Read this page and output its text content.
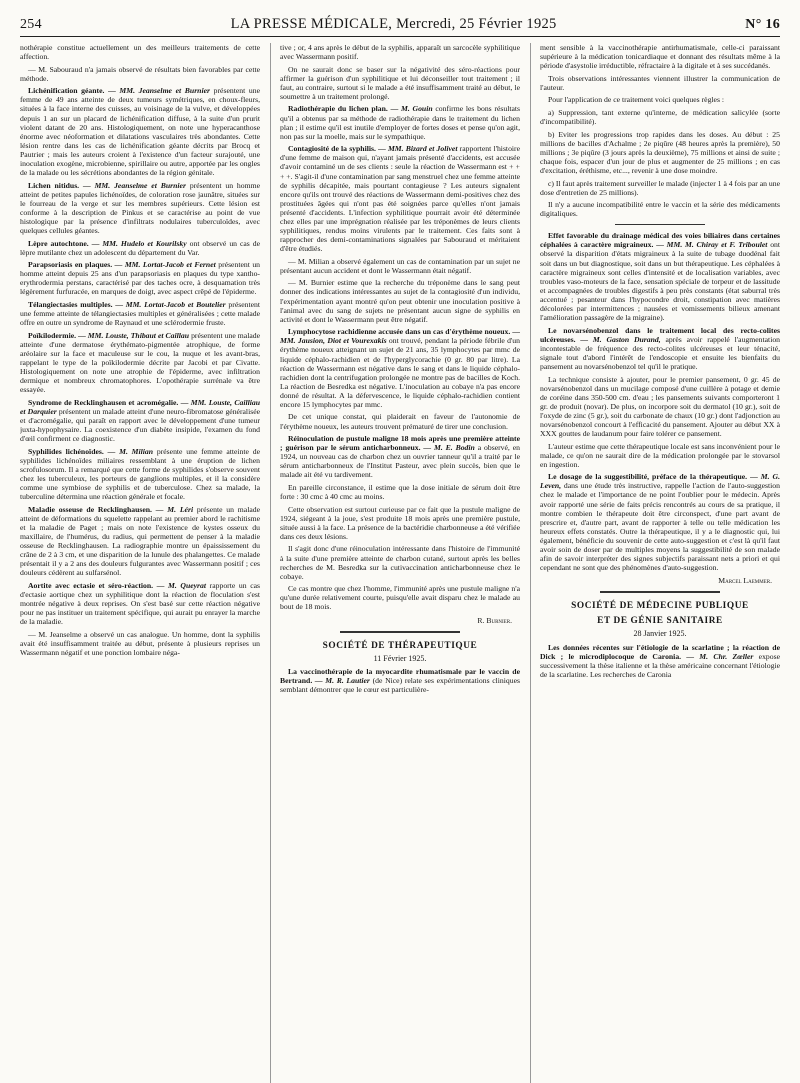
254	LA PRESSE MÉDICALE, Mercredi, 25 Février 1925	N° 16

nothérapie constitue actuellement un des meilleurs traitements de cette affection.

— M. Sabouraud n'a jamais observé de résultats bien favorables par cette méthode.

Lichénification géante. — MM. Jeanselme et Burnier présentent une femme de 49 ans atteinte de deux tumeurs symétriques, en choux-fleurs, situées à la face interne des cuisses, au voisinage de la vulve, et développées depuis 1 an sur un placard de lichénification diffuse, à la suite d'un prurit violent datant de 20 ans. Histologiquement, on note une hyperacanthose énorme avec néoformation et dilatations vasculaires très abondantes. Cette lésion rentre dans les cas de lichénification géante décrits par Brocq et Pautrier ; mais les auteurs croient à l'existence d'un facteur surajouté, une inoculation exogène, microbienne, spirillaire ou autre, apportée par les ongles de la malade ou les sécrétions abondantes de la région génitale.

Lichen nitidus. — MM. Jeanselme et Burnier présentent un homme atteint de petites papules lichénoïdes, de coloration rose jaunâtre, situées sur le fourreau de la verge et sur les membres supérieurs. Cette lésion est conforme à la description de Pinkus et se caractérise au point de vue histologique par la présence d'infiltrats nodulaires tuberculoïdes, avec quelques cellules géantes.

Lèpre autochtone. — MM. Hudelo et Kourilsky ont observé un cas de lèpre mutilante chez un adolescent du département du Var.

Parapsoriasis en plaques. — MM. Lortat-Jacob et Fernet présentent un homme atteint depuis 25 ans d'un parapsoriasis en plaques du type xantho-erythrodermia perstans, caractérisé par des taches ocre, à desquamation très légèrement furfuracée, en marques de doigt, avec aspect crêpé de l'épiderme.

Télangiectasies multiples. — MM. Lortat-Jacob et Boutelier présentent une femme atteinte de télangiectasies multiples et généralisées ; cette malade offre en outre un syndrome de Raynaud et une sclérodermie fruste.

Poïkilodermie. — MM. Louste, Thibaut et Caillau présentent une malade atteinte d'une dermatose érythémato-pigmentée atrophique, de forme aréolaire sur la face et maculeuse sur le cou, la nuque et les avant-bras, rappelant le type de la poïkilodermie décrite par Jacobi et par Civatte. Histologiquement on note une atrophie de l'épiderme, avec infiltration dermique et nombreux chromatophores. L'opothérapie surrénale va être essayée.

Syndrome de Recklinghausen et acromégalie. — MM. Louste, Cailliau et Darquier présentent un malade atteint d'une neuro-fibromatose généralisée et d'acromégalie, qui paraît en rapport avec le développement d'une tumeur juxta-hypophysaire. La coexistence d'un diabète insipide, l'examen du fond d'œil confirment ce diagnostic.

Syphilides lichénoïdes. — M. Milian présente une femme atteinte de syphilides lichénoïdes miliaires ressemblant à une éruption de lichen scrofulosorum. Il a remarqué que cette forme de syphilides s'observe souvent chez les tuberculeux, les porteurs de ganglions multiples, et il la considère comme une symbiose de syphilis et de tuberculose. Chez sa malade, la tuberculine détermina une réaction générale et focale.

Maladie osseuse de Recklinghausen. — M. Léri présente un malade atteint de déformations du squelette rappelant au premier abord le rachitisme et la maladie de Paget ; mais on note l'existence de kystes osseux du maxillaire, de l'humérus, du radius, qui permettent de penser à la maladie osseuse de Recklinghausen. La radiographie montre un épaississement du crâne de 2 à 3 cm, et une disparition de la lunule des phalangettes. Ce malade présentait il y a 2 ans des douleurs fulgurantes avec Wassermann positif ; ces douleurs cédèrent au sulfarsénol.

Aortite avec ectasie et séro-réaction. — M. Queyrat rapporte un cas d'ectasie aortique chez un syphilitique dont la réaction de floculation s'est montrée négative à deux reprises. On s'est basé sur cette réaction négative pour ne pas instituer un traitement spécifique, qui aurait pu enrayer la marche de la maladie.

— M. Jeanselme a observé un cas analogue. Un homme, dont la syphilis avait été insuffisamment traitée au début, présente à plusieurs reprises un Wassermann négatif et une ponction lombaire néga-

tive ; or, 4 ans après le début de la syphilis, apparaît un sarcocèle syphilitique avec Wassermann positif.

On ne saurait donc se baser sur la négativité des séro-réactions pour affirmer la guérison d'un syphilitique et lui déconseiller tout traitement ; il faut, au contraire, surtout si le malade a été insuffisamment traité au début, le soumettre à un traitement prolongé.

Radiothérapie du lichen plan. — M. Gouin confirme les bons résultats qu'il a obtenus par sa méthode de radiothérapie dans le traitement du lichen plan ; il estime qu'il est inutile d'employer de fortes doses et pense qu'on agit, non pas sur la moelle, mais sur le sympathique.

Contagiosité de la syphilis. — MM. Bizard et Jolivet rapportent l'histoire d'une femme de maison qui, n'ayant jamais présenté d'accidents, est accusée d'avoir contaminé un de ses clients : seule la réaction de Wassermann est + + + +. S'agit-il d'une contamination par sang menstruel chez une femme atteinte de syphilis décapitée, mais pourtant contagieuse ? Les auteurs signalent encore qu'ils ont trouvé des réactions de Wassermann demi-positives chez des prostituées âgées qui n'ont pas été soignées parce qu'elles n'ont jamais présenté d'accidents. L'infection syphilitique pourrait avoir été déterminée chez elles par une imprégnation réalisée par les tréponèmes de leurs clients syphilitiques, rendus moins virulents par le traitement. Ces faits sont à rapprocher des demi-contaminations signalées par Sabouraud et méritaient d'être étudiés.

— M. Milian a observé également un cas de contamination par un sujet ne présentant aucun accident et dont le Wassermann était négatif.

— M. Burnier estime que la recherche du tréponème dans le sang peut donner des indications intéressantes au sujet de la contagiosité d'un individu, l'expérimentation ayant montré qu'on peut obtenir une inoculation positive à l'animal avec du sang de sujets ne présentant aucun signe de syphilis en activité et dont le Wassermann peut être négatif.

Lymphocytose rachidienne accusée dans un cas d'érythème noueux. — MM. Jausion, Diot et Vourexakis ont trouvé, pendant la période fébrile d'un érythème noueux atteignant un sujet de 21 ans, 35 lymphocytes par mmc de liquide céphalo-rachidien et de l'hyperglycorachie (0 gr. 80 par litre). La réaction de Wassermann est négative dans le sang et dans le liquide céphalo-rachidien dont la centrifugation prolongée ne montre pas de bacilles de Koch. La réaction de Besredka est négative. L'inoculation au cobaye n'a pas encore donné de résultat. A la défervescence, le liquide céphalo-rachidien contient encore 15 lymphocytes par mmc.

De cet unique constat, qui plaiderait en faveur de l'autonomie de l'érythème noueux, les auteurs trouvent prématuré de tirer une conclusion.

Réinoculation de pustule maligne 18 mois après une première atteinte ; guérison par le sérum anticharbonneux. — M. E. Bodin a observé, en 1924, un nouveau cas de charbon chez un ouvrier tanneur qu'il a traité par le sérum anticharbonneux de l'Institut Pasteur, avec plein succès, bien que le malade ait été vu tardivement.

En pareille circonstance, il estime que la dose initiale de sérum doit être forte : 30 cmc à 40 cmc au moins.

Cette observation est surtout curieuse par ce fait que la pustule maligne de 1924, siégeant à la joue, s'est produite 18 mois après une première pustule, située aussi à la face. La présence de la bactéridie charbonneuse a été vérifiée dans ces deux lésions.

Il s'agit donc d'une réinoculation intéressante dans l'histoire de l'immunité à la suite d'une première atteinte de charbon cutané, surtout après les belles recherches de M. Besredka sur la cutivaccination anticharbonneuse chez le cobaye.

Ce cas montre que chez l'homme, l'immunité après une pustule maligne n'a qu'une durée relativement courte, puisqu'elle avait disparu chez le malade au bout de 18 mois.

R. Burnier.
SOCIÉTÉ DE THÉRAPEUTIQUE
11 Février 1925.

La vaccinothérapie de la myocardite rhumatismale par le vaccin de Bertrand. — M. R. Lautier (de Nice) relate ses expérimentations cliniques semblant démontrer que le cœur est particulière-

ment sensible à la vaccinothérapie antirhumatismale, celle-ci paraissant supérieure à la médication tonicardiaque et donnant des résultats même à la période d'asystolie irréductible, réfractaire à la digitale et à ses succédanés.

Trois observations intéressantes viennent illustrer la communication de l'auteur.

Pour l'application de ce traitement voici quelques règles :

a) Suppression, tant externe qu'interne, de médication salicylée (sorte d'incompatibilité).

b) Eviter les progressions trop rapides dans les doses. Au début : 25 millions de bacilles d'Achalme ; 2e piqûre (48 heures après la première), 50 millions ; 3e piqûre (3 jours après la deuxième), 75 millions et ainsi de suite ; chaque fois, espacer d'un jour de plus et augmenter de 25 millions ; en cas d'excitation, éréthisme, etc..., revenir à une dose moindre.

c) Il faut après traitement surveiller le malade (injecter 1 à 4 fois par an une dose d'entretien de 25 millions).

Il n'y a aucune incompatibilité entre le vaccin et la série des médicaments digitaliques.

Effet favorable du drainage médical des voies biliaires dans certaines céphalées à caractère migraineux. — MM. M. Chiray et F. Triboulet ont observé la disparition d'états migraineux à la suite de tubage duodénal fait soit dans un but diagnostique, soit dans un but thérapeutique. Les céphalées à caractère migraineux sont celles d'intensité et de localisation variables, avec troubles vaso-moteurs de la face, sensation spéciale de torpeur et de lassitude et accompagnées de troubles digestifs à peu près constants (état saburral très accentué ; pesanteur dans l'hypocondre droit, constipation avec matières décolorées par intermittences ; nausées et vomissements bilieux amenant l'amélioration passagère de la migraine).

Le novarsénobenzol dans le traitement local des recto-colites ulcéreuses. — M. Gaston Durand, après avoir rappelé l'augmentation incontestable de fréquence des recto-colites ulcéreuses et leur ténacité, signale tout d'abord l'intérêt de l'endoscopie et ensuite les bienfaits du pansement au novarsénobenzol tel qu'il le pratique.

La technique consiste à ajouter, pour le premier pansement, 0 gr. 45 de novarsénobenzol dans un mucilage composé d'une cuillère à potage et demie de coréine dans 350-500 cm. d'eau ; les pansements suivants comporteront 1 gr. de produit (novar). De plus, on incorpore soit du dermatol (10 gr.), soit de l'oxyde de zinc (5 gr.), soit du carbonate de chaux (10 gr.) dont l'adjonction au novarsénobenzol concourt à l'efficacité du pansement. Ajouter au début XX à XXX gouttes de laudanum pour faire tolérer ce pansement.

L'auteur estime que cette thérapeutique locale est sans inconvénient pour le malade, ce qu'on ne saurait dire de la médication prolongée par le stovarsol en ingestion.

Le dosage de la suggestibilité, préface de la thérapeutique. — M. G. Leven, dans une étude très instructive, rappelle l'action de l'auto-suggestion chez le malade et l'importance de ne point l'oublier pour le médecin. Après avoir rapporté une série de faits précis rencontrés au cours de sa pratique, il montre combien le thérapeute doit être circonspect, d'une part avant de prescrire et, d'autre part, avant de rapporter à telle ou telle médication les heureux effets constatés. Outre la thérapeutique, il y a le diagnostic qui, lui également, bénéficie du souvenir de cette auto-suggestion et c'est là qu'il faut avoir soin de doser par de multiples moyens la suggestibilité de son malade afin de savoir interpréter des signes subjectifs paraissant nets a priori et qui cependant ne sont que des phénomènes d'auto-suggestion.

Marcel Laemmer.
SOCIÉTÉ DE MÉDECINE PUBLIQUE
ET DE GÉNIE SANITAIRE
28 Janvier 1925.

Les données récentes sur l'étiologie de la scarlatine ; la réaction de Dick ; le microdiplocoque de Caronia. — M. Chr. Zœller expose successivement la thèse italienne et la thèse américaine concernant l'étiologie de la scarlatine. Les recherches de Caronia
